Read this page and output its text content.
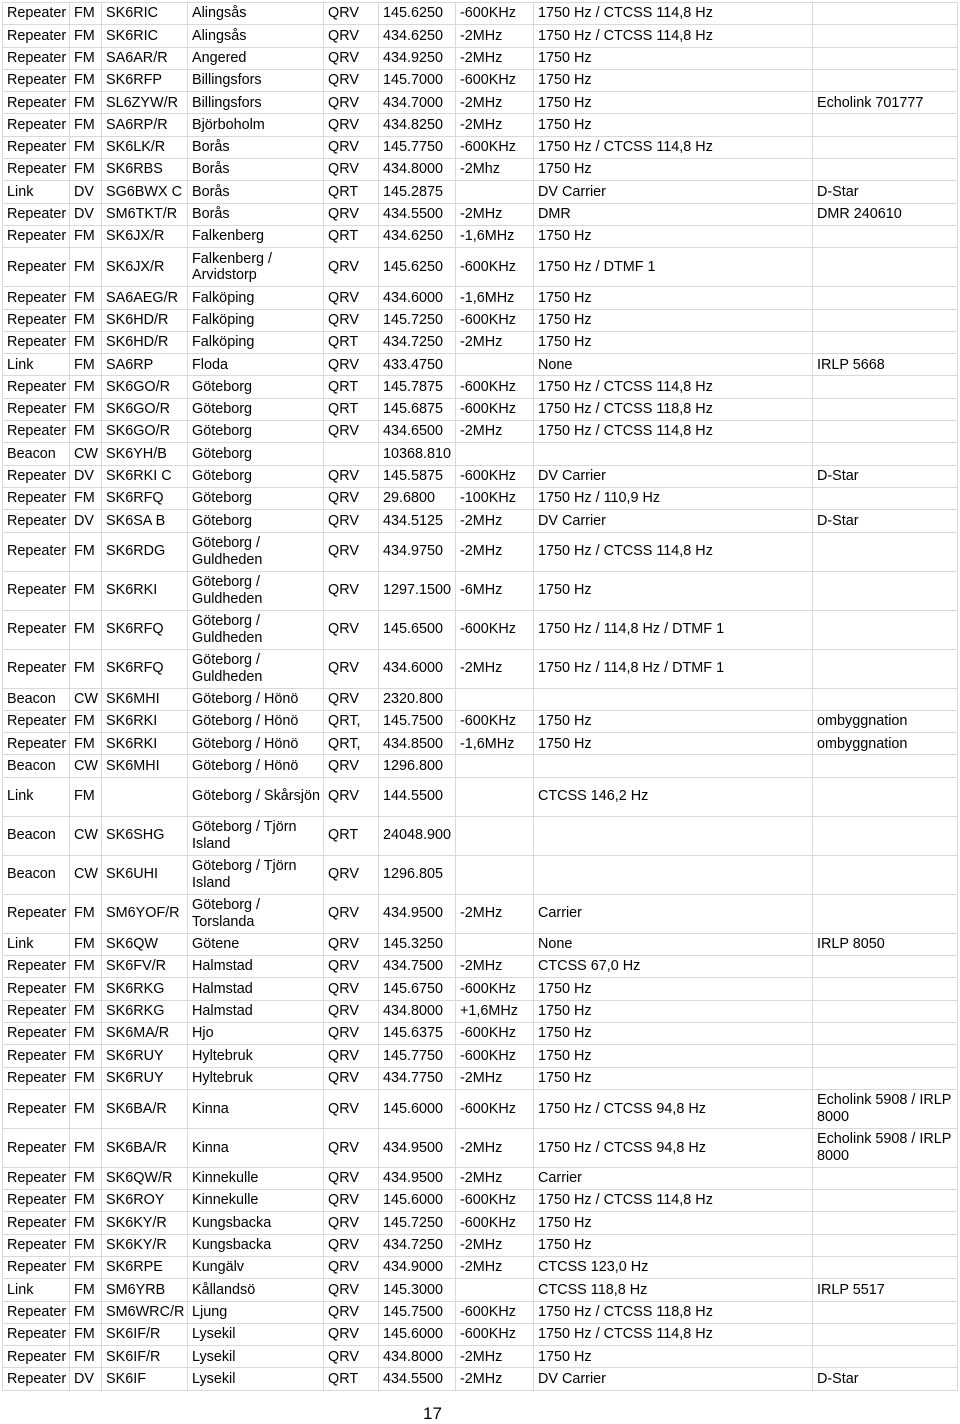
Repeater	FM	SK6RIC	Alingsås	QRV	145.6250	-600KHz	1750 Hz / CTCSS 114,8 Hz	
Repeater	FM	SK6RIC	Alingsås	QRV	434.6250	-2MHz	1750 Hz / CTCSS 114,8 Hz	
Repeater	FM	SA6AR/R	Angered	QRV	434.9250	-2MHz	1750 Hz	
Repeater	FM	SK6RFP	Billingsfors	QRV	145.7000	-600KHz	1750 Hz	
Repeater	FM	SL6ZYW/R	Billingsfors	QRV	434.7000	-2MHz	1750 Hz	Echolink 701777
Repeater	FM	SA6RP/R	Björboholm	QRV	434.8250	-2MHz	1750 Hz	
Repeater	FM	SK6LK/R	Borås	QRV	145.7750	-600KHz	1750 Hz / CTCSS 114,8 Hz	
Repeater	FM	SK6RBS	Borås	QRV	434.8000	-2Mhz	1750 Hz	
Link	DV	SG6BWX C	Borås	QRT	145.2875		DV Carrier	D-Star
Repeater	DV	SM6TKT/R	Borås	QRV	434.5500	-2MHz	DMR	DMR 240610
Repeater	FM	SK6JX/R	Falkenberg	QRT	434.6250	-1,6MHz	1750 Hz	
Repeater	FM	SK6JX/R	Falkenberg / Arvidstorp	QRV	145.6250	-600KHz	1750 Hz / DTMF 1	
Repeater	FM	SA6AEG/R	Falköping	QRV	434.6000	-1,6MHz	1750 Hz	
Repeater	FM	SK6HD/R	Falköping	QRV	145.7250	-600KHz	1750 Hz	
Repeater	FM	SK6HD/R	Falköping	QRT	434.7250	-2MHz	1750 Hz	
Link	FM	SA6RP	Floda	QRV	433.4750		None	IRLP 5668
Repeater	FM	SK6GO/R	Göteborg	QRT	145.7875	-600KHz	1750 Hz / CTCSS 114,8 Hz	
Repeater	FM	SK6GO/R	Göteborg	QRT	145.6875	-600KHz	1750 Hz / CTCSS 118,8 Hz	
Repeater	FM	SK6GO/R	Göteborg	QRV	434.6500	-2MHz	1750 Hz / CTCSS 114,8 Hz	
Beacon	CW	SK6YH/B	Göteborg		10368.810			
Repeater	DV	SK6RKI C	Göteborg	QRV	145.5875	-600KHz	DV Carrier	D-Star
Repeater	FM	SK6RFQ	Göteborg	QRV	29.6800	-100KHz	1750 Hz / 110,9 Hz	
Repeater	DV	SK6SA B	Göteborg	QRV	434.5125	-2MHz	DV Carrier	D-Star
Repeater	FM	SK6RDG	Göteborg / Guldheden	QRV	434.9750	-2MHz	1750 Hz / CTCSS 114,8 Hz	
Repeater	FM	SK6RKI	Göteborg / Guldheden	QRV	1297.1500	-6MHz	1750 Hz	
Repeater	FM	SK6RFQ	Göteborg / Guldheden	QRV	145.6500	-600KHz	1750 Hz / 114,8 Hz / DTMF 1	
Repeater	FM	SK6RFQ	Göteborg / Guldheden	QRV	434.6000	-2MHz	1750 Hz / 114,8 Hz / DTMF 1	
Beacon	CW	SK6MHI	Göteborg / Hönö	QRV	2320.800			
Repeater	FM	SK6RKI	Göteborg / Hönö	QRT,	145.7500	-600KHz	1750 Hz	ombyggnation
Repeater	FM	SK6RKI	Göteborg / Hönö	QRT,	434.8500	-1,6MHz	1750 Hz	ombyggnation
Beacon	CW	SK6MHI	Göteborg / Hönö	QRV	1296.800			
Link	FM		Göteborg / Skårsjön	QRV	144.5500		CTCSS 146,2 Hz	
Beacon	CW	SK6SHG	Göteborg / Tjörn Island	QRT	24048.900			
Beacon	CW	SK6UHI	Göteborg / Tjörn Island	QRV	1296.805			
Repeater	FM	SM6YOF/R	Göteborg / Torslanda	QRV	434.9500	-2MHz	Carrier	
Link	FM	SK6QW	Götene	QRV	145.3250		None	IRLP 8050
Repeater	FM	SK6FV/R	Halmstad	QRV	434.7500	-2MHz	CTCSS 67,0 Hz	
Repeater	FM	SK6RKG	Halmstad	QRV	145.6750	-600KHz	1750 Hz	
Repeater	FM	SK6RKG	Halmstad	QRV	434.8000	+1,6MHz	1750 Hz	
Repeater	FM	SK6MA/R	Hjo	QRV	145.6375	-600KHz	1750 Hz	
Repeater	FM	SK6RUY	Hyltebruk	QRV	145.7750	-600KHz	1750 Hz	
Repeater	FM	SK6RUY	Hyltebruk	QRV	434.7750	-2MHz	1750 Hz	
Repeater	FM	SK6BA/R	Kinna	QRV	145.6000	-600KHz	1750 Hz / CTCSS 94,8 Hz	Echolink 5908 / IRLP 8000
Repeater	FM	SK6BA/R	Kinna	QRV	434.9500	-2MHz	1750 Hz / CTCSS 94,8 Hz	Echolink 5908 / IRLP 8000
Repeater	FM	SK6QW/R	Kinnekulle	QRV	434.9500	-2MHz	Carrier	
Repeater	FM	SK6ROY	Kinnekulle	QRV	145.6000	-600KHz	1750 Hz / CTCSS 114,8 Hz	
Repeater	FM	SK6KY/R	Kungsbacka	QRV	145.7250	-600KHz	1750 Hz	
Repeater	FM	SK6KY/R	Kungsbacka	QRV	434.7250	-2MHz	1750 Hz	
Repeater	FM	SK6RPE	Kungälv	QRV	434.9000	-2MHz	CTCSS 123,0 Hz	
Link	FM	SM6YRB	Kållandsö	QRV	145.3000		CTCSS 118,8 Hz	IRLP 5517
Repeater	FM	SM6WRC/R	Ljung	QRV	145.7500	-600KHz	1750 Hz / CTCSS 118,8 Hz	
Repeater	FM	SK6IF/R	Lysekil	QRV	145.6000	-600KHz	1750 Hz / CTCSS 114,8 Hz	
Repeater	FM	SK6IF/R	Lysekil	QRV	434.8000	-2MHz	1750 Hz	
Repeater	DV	SK6IF	Lysekil	QRT	434.5500	-2MHz	DV Carrier	D-Star
17
